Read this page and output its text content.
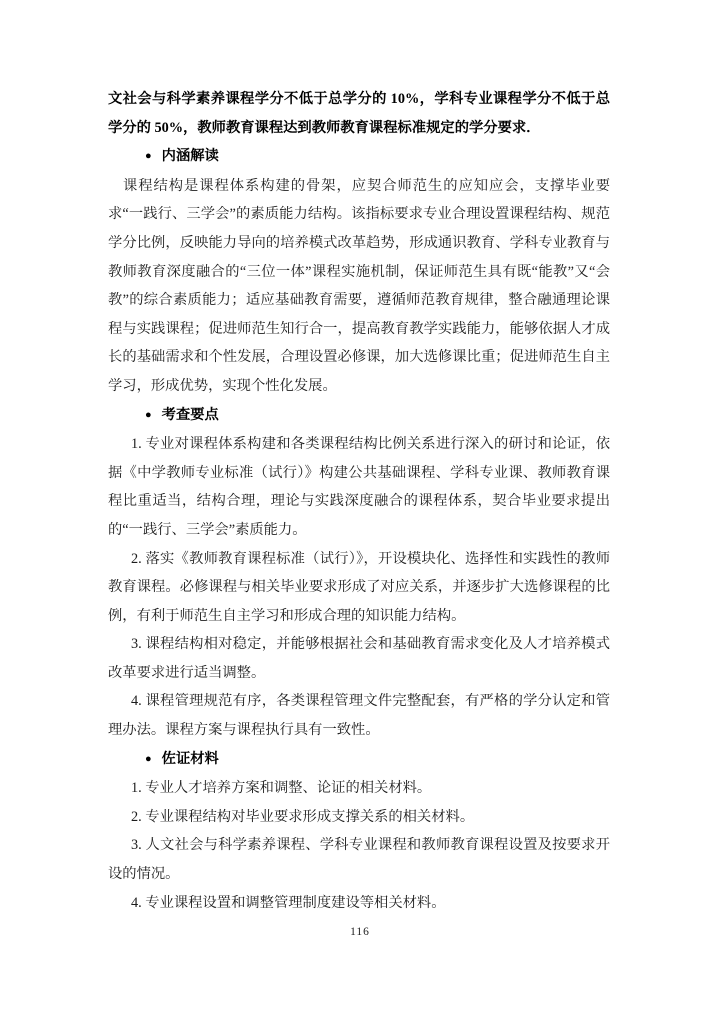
文社会与科学素养课程学分不低于总学分的 10%，学科专业课程学分不低于总学分的 50%，教师教育课程达到教师教育课程标准规定的学分要求．

● 内涵解读

课程结构是课程体系构建的骨架，应契合师范生的应知应会，支撑毕业要求“一践行、三学会”的素质能力结构。该指标要求专业合理设置课程结构、规范学分比例，反映能力导向的培养模式改革趋势，形成通识教育、学科专业教育与教师教育深度融合的“三位一体”课程实施机制，保证师范生具有既“能教”又“会教”的综合素质能力；适应基础教育需要，遵循师范教育规律，整合融通理论课程与实践课程；促进师范生知行合一，提高教育教学实践能力，能够依据人才成长的基础需求和个性发展，合理设置必修课，加大选修课比重；促进师范生自主学习，形成优势，实现个性化发展。

● 考查要点

1. 专业对课程体系构建和各类课程结构比例关系进行深入的研讨和论证，依据《中学教师专业标准（试行）》构建公共基础课程、学科专业课、教师教育课程比重适当，结构合理，理论与实践深度融合的课程体系，契合毕业要求提出的“一践行、三学会”素质能力。

2. 落实《教师教育课程标准（试行）》，开设模块化、选择性和实践性的教师教育课程。必修课程与相关毕业要求形成了对应关系，并逐步扩大选修课程的比例，有利于师范生自主学习和形成合理的知识能力结构。

3. 课程结构相对稳定，并能够根据社会和基础教育需求变化及人才培养模式改革要求进行适当调整。

4. 课程管理规范有序，各类课程管理文件完整配套，有严格的学分认定和管理办法。课程方案与课程执行具有一致性。

● 佐证材料

1. 专业人才培养方案和调整、论证的相关材料。

2. 专业课程结构对毕业要求形成支撑关系的相关材料。

3. 人文社会与科学素养课程、学科专业课程和教师教育课程设置及按要求开设的情况。

4. 专业课程设置和调整管理制度建设等相关材料。

116
